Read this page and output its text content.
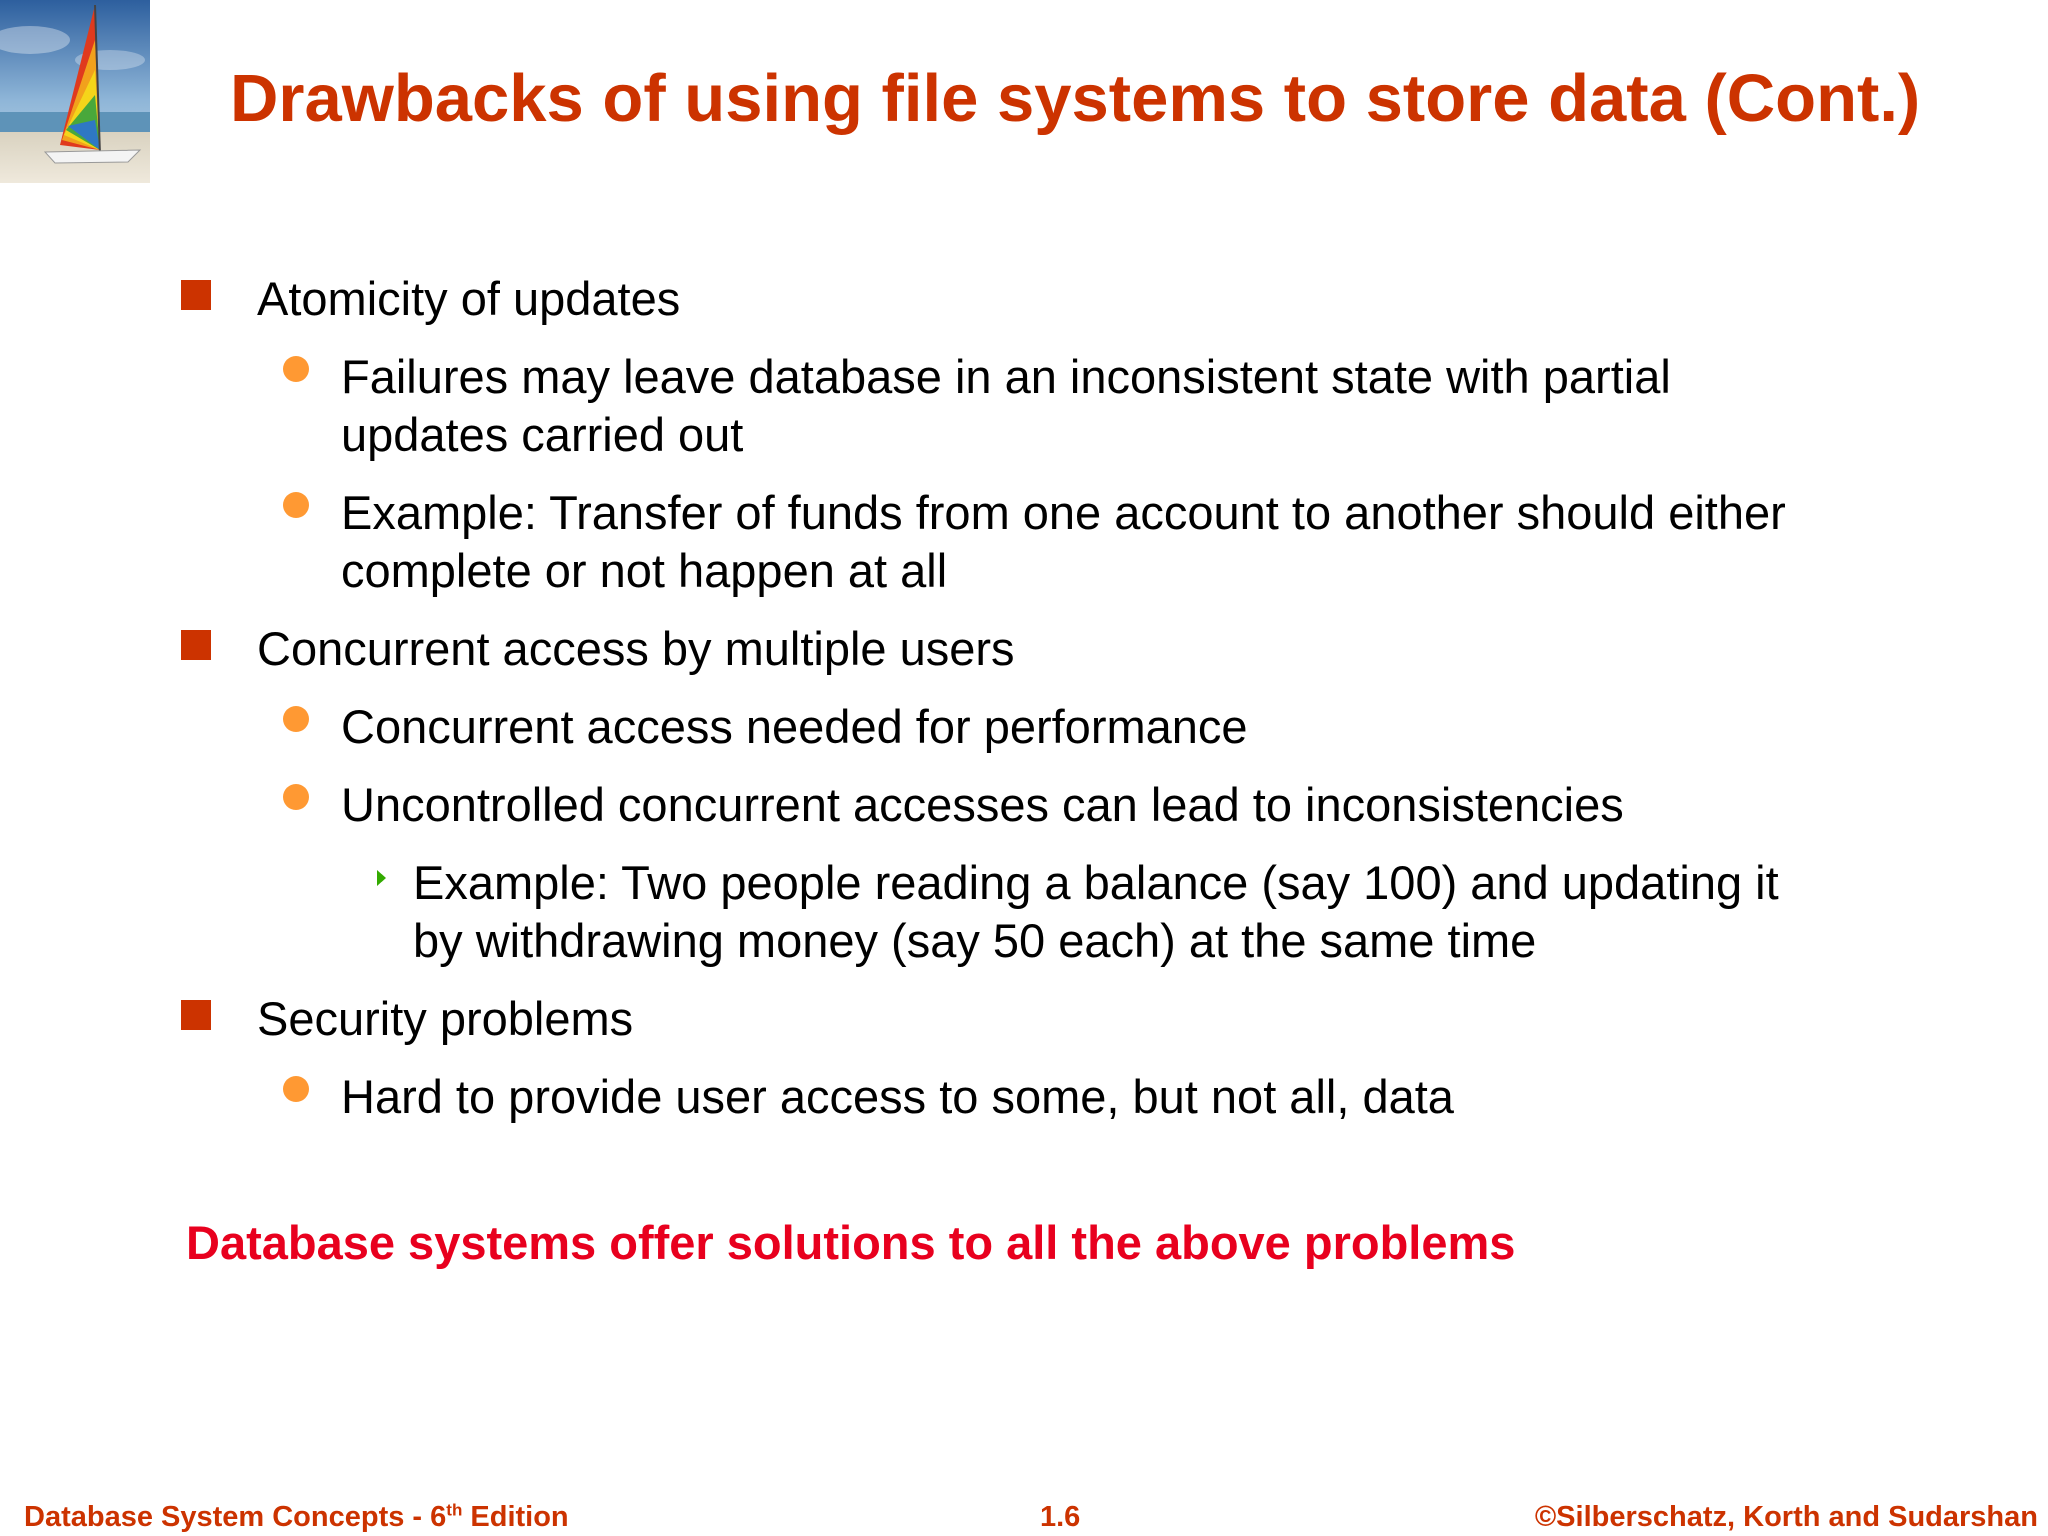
Drawbacks of using file systems to store data (Cont.)
Atomicity of updates
Failures may leave database in an inconsistent state with partial
updates carried out
Example: Transfer of funds from one account to another should either
complete or not happen at all
Concurrent access by multiple users
Concurrent access needed for performance
Uncontrolled concurrent accesses can lead to inconsistencies
Example: Two people reading a balance (say 100) and updating it
by withdrawing money (say 50 each) at the same time
Security problems
Hard to provide user access to some, but not all, data
Database systems offer solutions to all the above problems
Database System Concepts - 6th Edition	1.6	©Silberschatz, Korth and Sudarshan
